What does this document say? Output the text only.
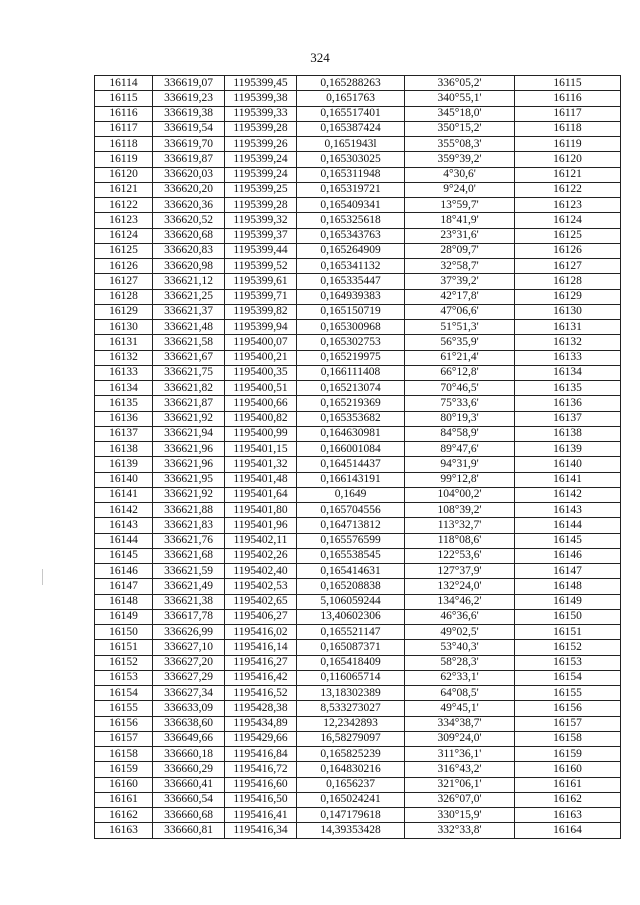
324
16114	336619,07	1195399,45	0,165288263	336°05,2'	16115
16115	336619,23	1195399,38	0,1651763	340°55,1'	16116
16116	336619,38	1195399,33	0,165517401	345°18,0'	16117
16117	336619,54	1195399,28	0,165387424	350°15,2'	16118
16118	336619,70	1195399,26	0,1651943l	355°08,3'	16119
16119	336619,87	1195399,24	0,165303025	359°39,2'	16120
16120	336620,03	1195399,24	0,165311948	4°30,6'	16121
16121	336620,20	1195399,25	0,165319721	9°24,0'	16122
16122	336620,36	1195399,28	0,165409341	13°59,7'	16123
16123	336620,52	1195399,32	0,165325618	18°41,9'	16124
16124	336620,68	1195399,37	0,165343763	23°31,6'	16125
16125	336620,83	1195399,44	0,165264909	28°09,7'	16126
16126	336620,98	1195399,52	0,165341132	32°58,7'	16127
16127	336621,12	1195399,61	0,165335447	37°39,2'	16128
16128	336621,25	1195399,71	0,164939383	42°17,8'	16129
16129	336621,37	1195399,82	0,165150719	47°06,6'	16130
16130	336621,48	1195399,94	0,165300968	51°51,3'	16131
16131	336621,58	1195400,07	0,165302753	56°35,9'	16132
16132	336621,67	1195400,21	0,165219975	61°21,4'	16133
16133	336621,75	1195400,35	0,166111408	66°12,8'	16134
16134	336621,82	1195400,51	0,165213074	70°46,5'	16135
16135	336621,87	1195400,66	0,165219369	75°33,6'	16136
16136	336621,92	1195400,82	0,165353682	80°19,3'	16137
16137	336621,94	1195400,99	0,164630981	84°58,9'	16138
16138	336621,96	1195401,15	0,166001084	89°47,6'	16139
16139	336621,96	1195401,32	0,164514437	94°31,9'	16140
16140	336621,95	1195401,48	0,166143191	99°12,8'	16141
16141	336621,92	1195401,64	0,1649	104°00,2'	16142
16142	336621,88	1195401,80	0,165704556	108°39,2'	16143
16143	336621,83	1195401,96	0,164713812	113°32,7'	16144
16144	336621,76	1195402,11	0,165576599	118°08,6'	16145
16145	336621,68	1195402,26	0,165538545	122°53,6'	16146
16146	336621,59	1195402,40	0,165414631	127°37,9'	16147
16147	336621,49	1195402,53	0,165208838	132°24,0'	16148
16148	336621,38	1195402,65	5,106059244	134°46,2'	16149
16149	336617,78	1195406,27	13,40602306	46°36,6'	16150
16150	336626,99	1195416,02	0,165521147	49°02,5'	16151
16151	336627,10	1195416,14	0,165087371	53°40,3'	16152
16152	336627,20	1195416,27	0,165418409	58°28,3'	16153
16153	336627,29	1195416,42	0,116065714	62°33,1'	16154
16154	336627,34	1195416,52	13,18302389	64°08,5'	16155
16155	336633,09	1195428,38	8,533273027	49°45,1'	16156
16156	336638,60	1195434,89	12,2342893	334°38,7'	16157
16157	336649,66	1195429,66	16,58279097	309°24,0'	16158
16158	336660,18	1195416,84	0,165825239	311°36,1'	16159
16159	336660,29	1195416,72	0,164830216	316°43,2'	16160
16160	336660,41	1195416,60	0,1656237	321°06,1'	16161
16161	336660,54	1195416,50	0,165024241	326°07,0'	16162
16162	336660,68	1195416,41	0,147179618	330°15,9'	16163
16163	336660,81	1195416,34	14,39353428	332°33,8'	16164
